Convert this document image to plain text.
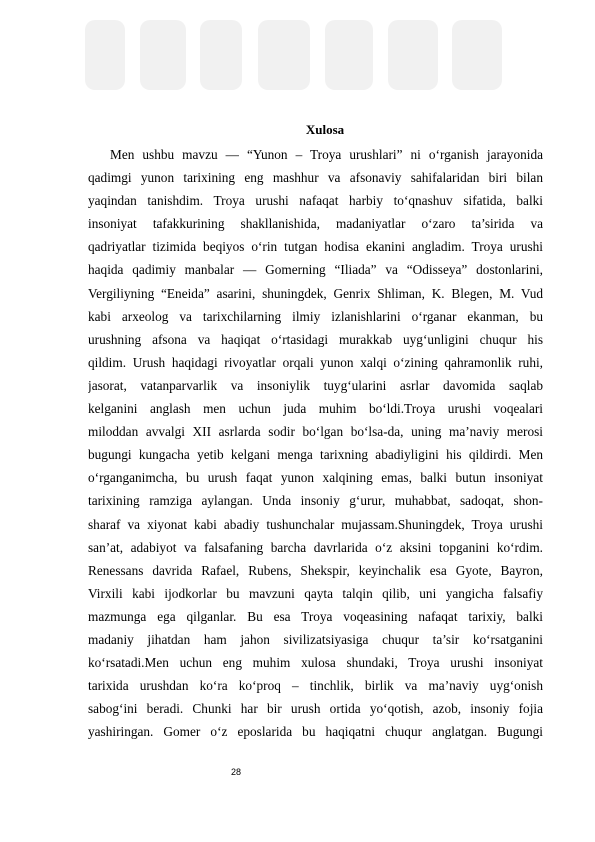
Xulosa
Men ushbu mavzu — “Yunon – Troya urushlari” ni o‘rganish jarayonida
qadimgi yunon tarixining eng mashhur va afsonaviy sahifalaridan biri bilan
yaqindan tanishdim. Troya urushi nafaqat harbiy to‘qnashuv sifatida, balki
insoniyat tafakkurining shakllanishida, madaniyatlar o‘zaro ta’sirida va
qadriyatlar tizimida beqiyos o‘rin tutgan hodisa ekanini angladim. Troya urushi
haqida qadimiy manbalar — Gomerning “Iliada” va “Odisseya” dostonlarini,
Vergiliyning “Eneida” asarini, shuningdek, Genrix Shliman, K. Blegen, M. Vud
kabi arxeolog va tarixchilarning ilmiy izlanishlarini o‘rganar ekanman, bu
urushning afsona va haqiqat o‘rtasidagi murakkab uyg‘unligini chuqur his
qildim. Urush haqidagi rivoyatlar orqali yunon xalqi o‘zining qahramonlik ruhi,
jasorat, vatanparvarlik va insoniylik tuyg‘ularini asrlar davomida saqlab
kelganini anglash men uchun juda muhim bo‘ldi.Troya urushi voqealari
miloddan avvalgi XII asrlarda sodir bo‘lgan bo‘lsa-da, uning ma’naviy merosi
bugungi kungacha yetib kelgani menga tarixning abadiyligini his qildirdi. Men
o‘rganganimcha, bu urush faqat yunon xalqining emas, balki butun insoniyat
tarixining ramziga aylangan. Unda insoniy g‘urur, muhabbat, sadoqat, shon-
sharaf va xiyonat kabi abadiy tushunchalar mujassam.Shuningdek, Troya urushi
san’at, adabiyot va falsafaning barcha davrlarida o‘z aksini topganini ko‘rdim.
Renessans davrida Rafael, Rubens, Shekspir, keyinchalik esa Gyote, Bayron,
Virxili kabi ijodkorlar bu mavzuni qayta talqin qilib, uni yangicha falsafiy
mazmunga ega qilganlar. Bu esa Troya voqeasining nafaqat tarixiy, balki
madaniy jihatdan ham jahon sivilizatsiyasiga chuqur ta’sir ko‘rsatganini
ko‘rsatadi.Men uchun eng muhim xulosa shundaki, Troya urushi insoniyat
tarixida urushdan ko‘ra ko‘proq – tinchlik, birlik va ma’naviy uyg‘onish
sabog‘ini beradi. Chunki har bir urush ortida yo‘qotish, azob, insoniy fojia
yashiringan. Gomer o‘z eposlarida bu haqiqatni chuqur anglatgan. Bugungi
28
